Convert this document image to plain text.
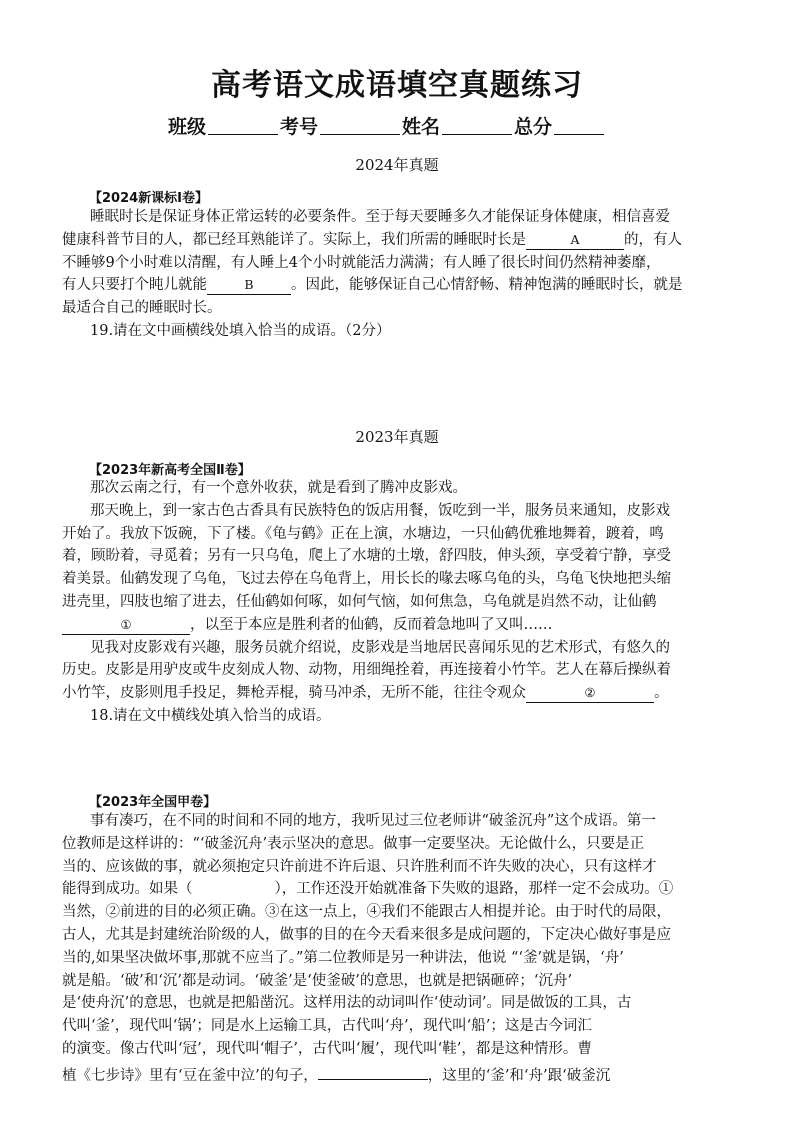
高考语文成语填空真题练习
班级	考号	姓名	总分
2024年真题
【2024新课标Ⅰ卷】
睡眠时长是保证身体正常运转的必要条件。至于每天要睡多久才能保证身体健康，相信喜爱
健康科普节目的人，都已经耳熟能详了。实际上，我们所需的睡眠时长是	A	的，有人
不睡够9个小时难以清醒，有人睡上4个小时就能活力满满；有人睡了很长时间仍然精神萎靡，
有人只要打个盹儿就能	B	。因此，能够保证自己心情舒畅、精神饱满的睡眠时长，就是
最适合自己的睡眠时长。
19.请在文中画横线处填入恰当的成语。（2分）
2023年真题
【2023年新高考全国Ⅱ卷】
那次云南之行，有一个意外收获，就是看到了腾冲皮影戏。
那天晚上，到一家古色古香具有民族特色的饭店用餐，饭吃到一半，服务员来通知，皮影戏
开始了。我放下饭碗，下了楼。《龟与鹤》正在上演，水塘边，一只仙鹤优雅地舞着，踱着，鸣
着，顾盼着，寻觅着；另有一只乌龟，爬上了水塘的土墩，舒四肢，伸头颈，享受着宁静，享受
着美景。仙鹤发现了乌龟，飞过去停在乌龟背上，用长长的喙去啄乌龟的头，乌龟飞快地把头缩
进壳里，四肢也缩了进去，任仙鹤如何啄，如何气恼，如何焦急，乌龟就是岿然不动，让仙鹤
①	，以至于本应是胜利者的仙鹤，反而着急地叫了又叫……
见我对皮影戏有兴趣，服务员就介绍说，皮影戏是当地居民喜闻乐见的艺术形式，有悠久的
历史。皮影是用驴皮或牛皮刻成人物、动物，用细绳拴着，再连接着小竹竿。艺人在幕后操纵着
小竹竿，皮影则甩手投足，舞枪弄棍，骑马冲杀，无所不能，往往令观众	②	。
18.请在文中横线处填入恰当的成语。
【2023年全国甲卷】
事有凑巧，在不同的时间和不同的地方，我听见过三位老师讲“破釜沉舟”这个成语。第一
位教师是这样讲的：“‘破釜沉舟’表示坚决的意思。做事一定要坚决。无论做什么，只要是正
当的、应该做的事，就必须抱定只许前进不许后退、只许胜利而不许失败的决心，只有这样才
能得到成功。如果（	），工作还没开始就准备下失败的退路，那样一定不会成功。①
当然，②前进的目的必须正确。③在这一点上，④我们不能跟古人相提并论。由于时代的局限，
古人，尤其是封建统治阶级的人，做事的目的在今天看来很多是成问题的，下定决心做好事是应
当的,如果坚决做坏事,那就不应当了。”第二位教师是另一种讲法，他说 “‘釜’就是锅，‘舟’
就是船。‘破’和‘沉’都是动词。‘破釜’是‘使釜破’的意思，也就是把锅砸碎；‘沉舟’
是‘使舟沉’的意思，也就是把船凿沉。这样用法的动词叫作‘使动词’。同是做饭的工具，古
代叫‘釜’，现代叫‘锅’；同是水上运输工具，古代叫‘舟’，现代叫‘船’；这是古今词汇
的演变。像古代叫‘冠’，现代叫‘帽子’，古代叫‘履’，现代叫‘鞋’，都是这种情形。曹
植《七步诗》里有‘豆在釜中泣’的句子，	，这里的‘釜’和‘舟’跟‘破釜沉
